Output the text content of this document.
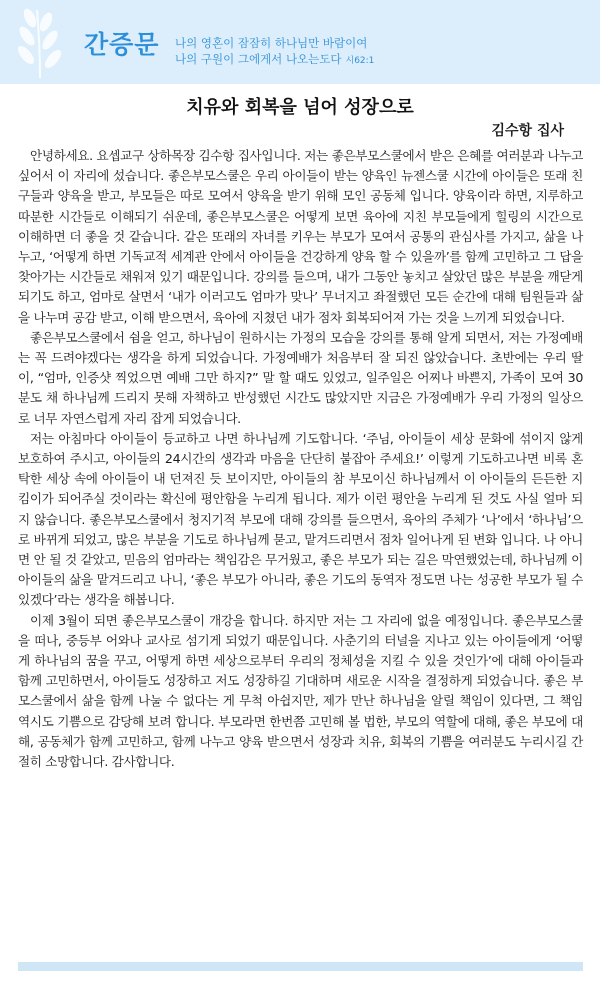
간증문 나의 영혼이 잠잠히 하나님만 바람이여
나의 구원이 그에게서 나오는도다 시62:1
치유와 회복을 넘어 성장으로
김수항 집사

안녕하세요. 요셉교구 상하목장 김수항 집사입니다. 저는 좋은부모스쿨에서 받은 은혜를 여러분과 나누고 싶어서 이 자리에 섰습니다. 좋은부모스쿨은 우리 아이들이 받는 양육인 뉴젠스쿨 시간에 아이들은 또래 친구들과 양육을 받고, 부모들은 따로 모여서 양육을 받기 위해 모인 공동체 입니다. 양육이라 하면, 지루하고 따분한 시간들로 이해되기 쉬운데, 좋은부모스쿨은 어떻게 보면 육아에 지친 부모들에게 힐링의 시간으로 이해하면 더 좋을 것 같습니다. 같은 또래의 자녀를 키우는 부모가 모여서 공통의 관심사를 가지고, 삶을 나누고, ‘어떻게 하면 기독교적 세계관 안에서 아이들을 건강하게 양육 할 수 있을까’를 함께 고민하고 그 답을 찾아가는 시간들로 채워져 있기 때문입니다. 강의를 들으며, 내가 그동안 놓치고 살았던 많은 부분을 깨닫게 되기도 하고, 엄마로 살면서 ‘내가 이러고도 엄마가 맞나’ 무너지고 좌절했던 모든 순간에 대해 팀원들과 삶을 나누며 공감 받고, 이해 받으면서, 육아에 지쳤던 내가 점차 회복되어져 가는 것을 느끼게 되었습니다.

좋은부모스쿨에서 쉼을 얻고, 하나님이 원하시는 가정의 모습을 강의를 통해 알게 되면서, 저는 가정예배는 꼭 드려야겠다는 생각을 하게 되었습니다. 가정예배가 처음부터 잘 되진 않았습니다. 초반에는 우리 딸이, “엄마, 인증샷 찍었으면 예배 그만 하지?” 말 할 때도 있었고, 일주일은 어찌나 바쁜지, 가족이 모여 30분도 채 하나님께 드리지 못해 자책하고 반성했던 시간도 많았지만 지금은 가정예배가 우리 가정의 일상으로 너무 자연스럽게 자리 잡게 되었습니다.

저는 아침마다 아이들이 등교하고 나면 하나님께 기도합니다. ‘주님, 아이들이 세상 문화에 섞이지 않게 보호하여 주시고, 아이들의 24시간의 생각과 마음을 단단히 붙잡아 주세요!’ 이렇게 기도하고나면 비록 혼탁한 세상 속에 아이들이 내 던져진 듯 보이지만, 아이들의 참 부모이신 하나님께서 이 아이들의 든든한 지킴이가 되어주실 것이라는 확신에 평안함을 누리게 됩니다. 제가 이런 평안을 누리게 된 것도 사실 얼마 되지 않습니다. 좋은부모스쿨에서 청지기적 부모에 대해 강의를 들으면서, 육아의 주체가 ‘나’에서 ‘하나님’으로 바뀌게 되었고, 많은 부분을 기도로 하나님께 묻고, 맡겨드리면서 점차 일어나게 된 변화 입니다. 나 아니면 안 될 것 같았고, 믿음의 엄마라는 책임감은 무거웠고, 좋은 부모가 되는 길은 막연했었는데, 하나님께 이 아이들의 삶을 맡겨드리고 나니, ‘좋은 부모가 아니라, 좋은 기도의 동역자 정도면 나는 성공한 부모가 될 수 있겠다’라는 생각을 해봅니다.

이제 3월이 되면 좋은부모스쿨이 개강을 합니다. 하지만 저는 그 자리에 없을 예정입니다. 좋은부모스쿨을 떠나, 중등부 어와나 교사로 섬기게 되었기 때문입니다. 사춘기의 터널을 지나고 있는 아이들에게 ‘어떻게 하나님의 꿈을 꾸고, 어떻게 하면 세상으로부터 우리의 정체성을 지킬 수 있을 것인가’에 대해 아이들과 함께 고민하면서, 아이들도 성장하고 저도 성장하길 기대하며 새로운 시작을 결정하게 되었습니다. 좋은 부모스쿨에서 삶을 함께 나눌 수 없다는 게 무척 아쉽지만, 제가 만난 하나님을 알릴 책임이 있다면, 그 책임 역시도 기쁨으로 감당해 보려 합니다. 부모라면 한번쯤 고민해 볼 법한, 부모의 역할에 대해, 좋은 부모에 대해, 공동체가 함께 고민하고, 함께 나누고 양육 받으면서 성장과 치유, 회복의 기쁨을 여러분도 누리시길 간절히 소망합니다. 감사합니다.
